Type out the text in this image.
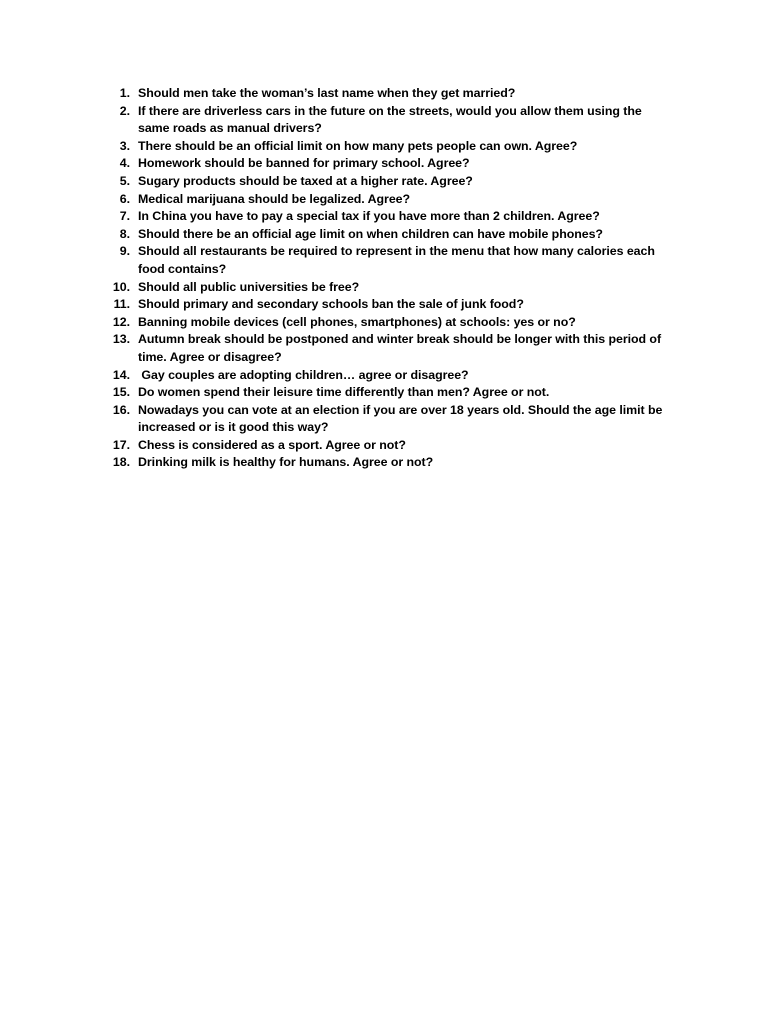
1. Should men take the woman’s last name when they get married?
2. If there are driverless cars in the future on the streets, would you allow them using the same roads as manual drivers?
3. There should be an official limit on how many pets people can own. Agree?
4. Homework should be banned for primary school. Agree?
5. Sugary products should be taxed at a higher rate. Agree?
6. Medical marijuana should be legalized. Agree?
7. In China you have to pay a special tax if you have more than 2 children. Agree?
8. Should there be an official age limit on when children can have mobile phones?
9. Should all restaurants be required to represent in the menu that how many calories each food contains?
10. Should all public universities be free?
11. Should primary and secondary schools ban the sale of junk food?
12. Banning mobile devices (cell phones, smartphones) at schools: yes or no?
13. Autumn break should be postponed and winter break should be longer with this period of time. Agree or disagree?
14. Gay couples are adopting children… agree or disagree?
15. Do women spend their leisure time differently than men? Agree or not.
16. Nowadays you can vote at an election if you are over 18 years old. Should the age limit be increased or is it good this way?
17. Chess is considered as a sport. Agree or not?
18. Drinking milk is healthy for humans. Agree or not?
